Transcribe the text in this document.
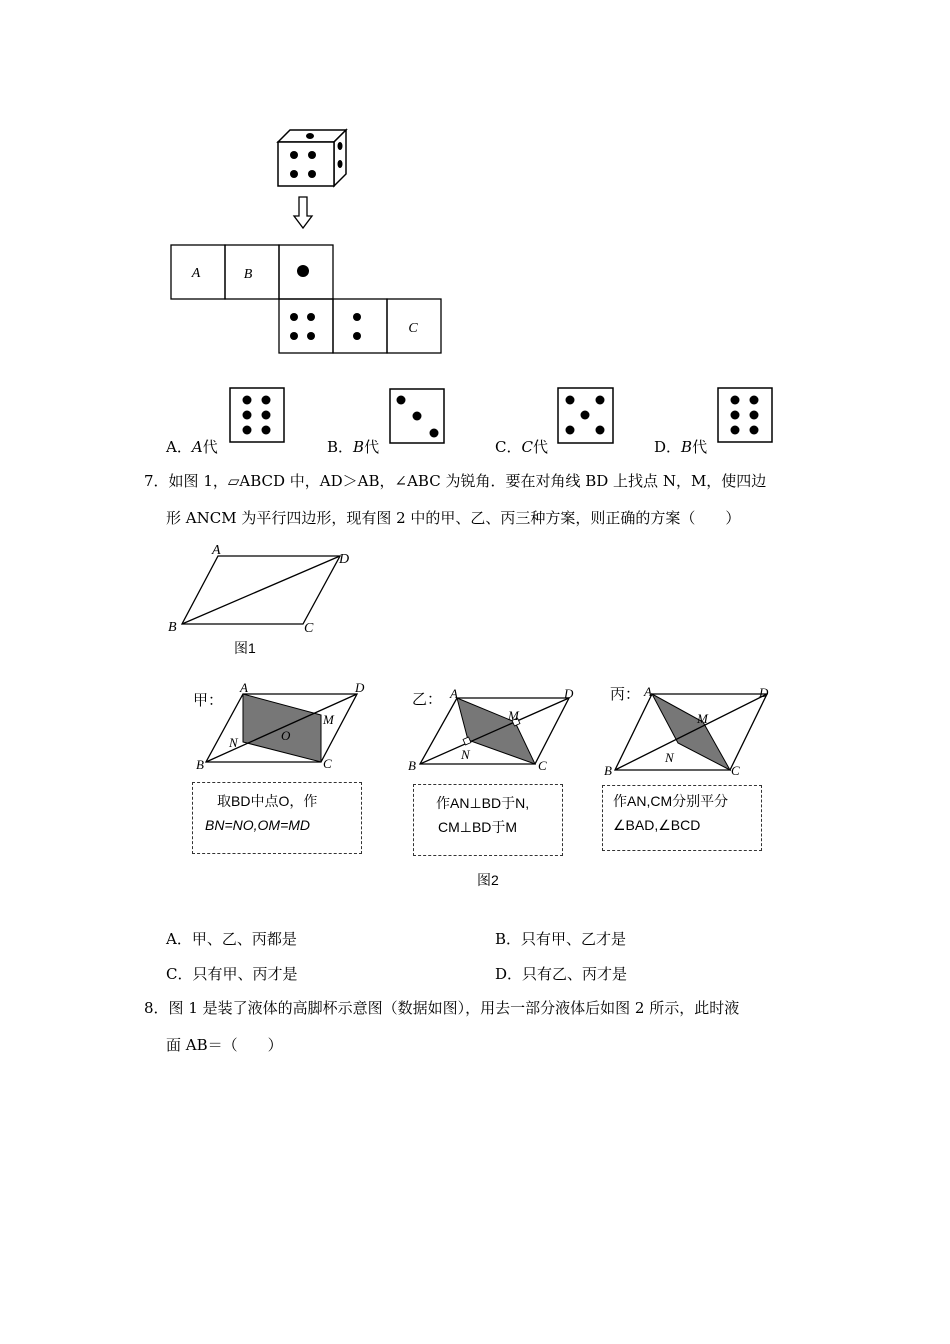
A	B
C
A．A代	B．B代	C．C代	D．B代
7．如图 1，▱ABCD 中，AD＞AB，∠ABC 为锐角．要在对角线 BD 上找点 N，M，使四边
形 ANCM 为平行四边形，现有图 2 中的甲、乙、丙三种方案，则正确的方案（　　）
A
D
B	C
图1
甲：
A	D
B	C
M
N	O
取BD中点O，作
BN=NO,OM=MD
乙： A	D
B	C
M
N
作AN⊥BD于N,
CM⊥BD于M
丙： A	D
B	C
M
N
作AN,CM分别平分
∠BAD,∠BCD
图2
A．甲、乙、丙都是	B．只有甲、乙才是
C．只有甲、丙才是	D．只有乙、丙才是
8．图 1 是装了液体的高脚杯示意图（数据如图），用去一部分液体后如图 2 所示，此时液
面 AB＝（　　）
